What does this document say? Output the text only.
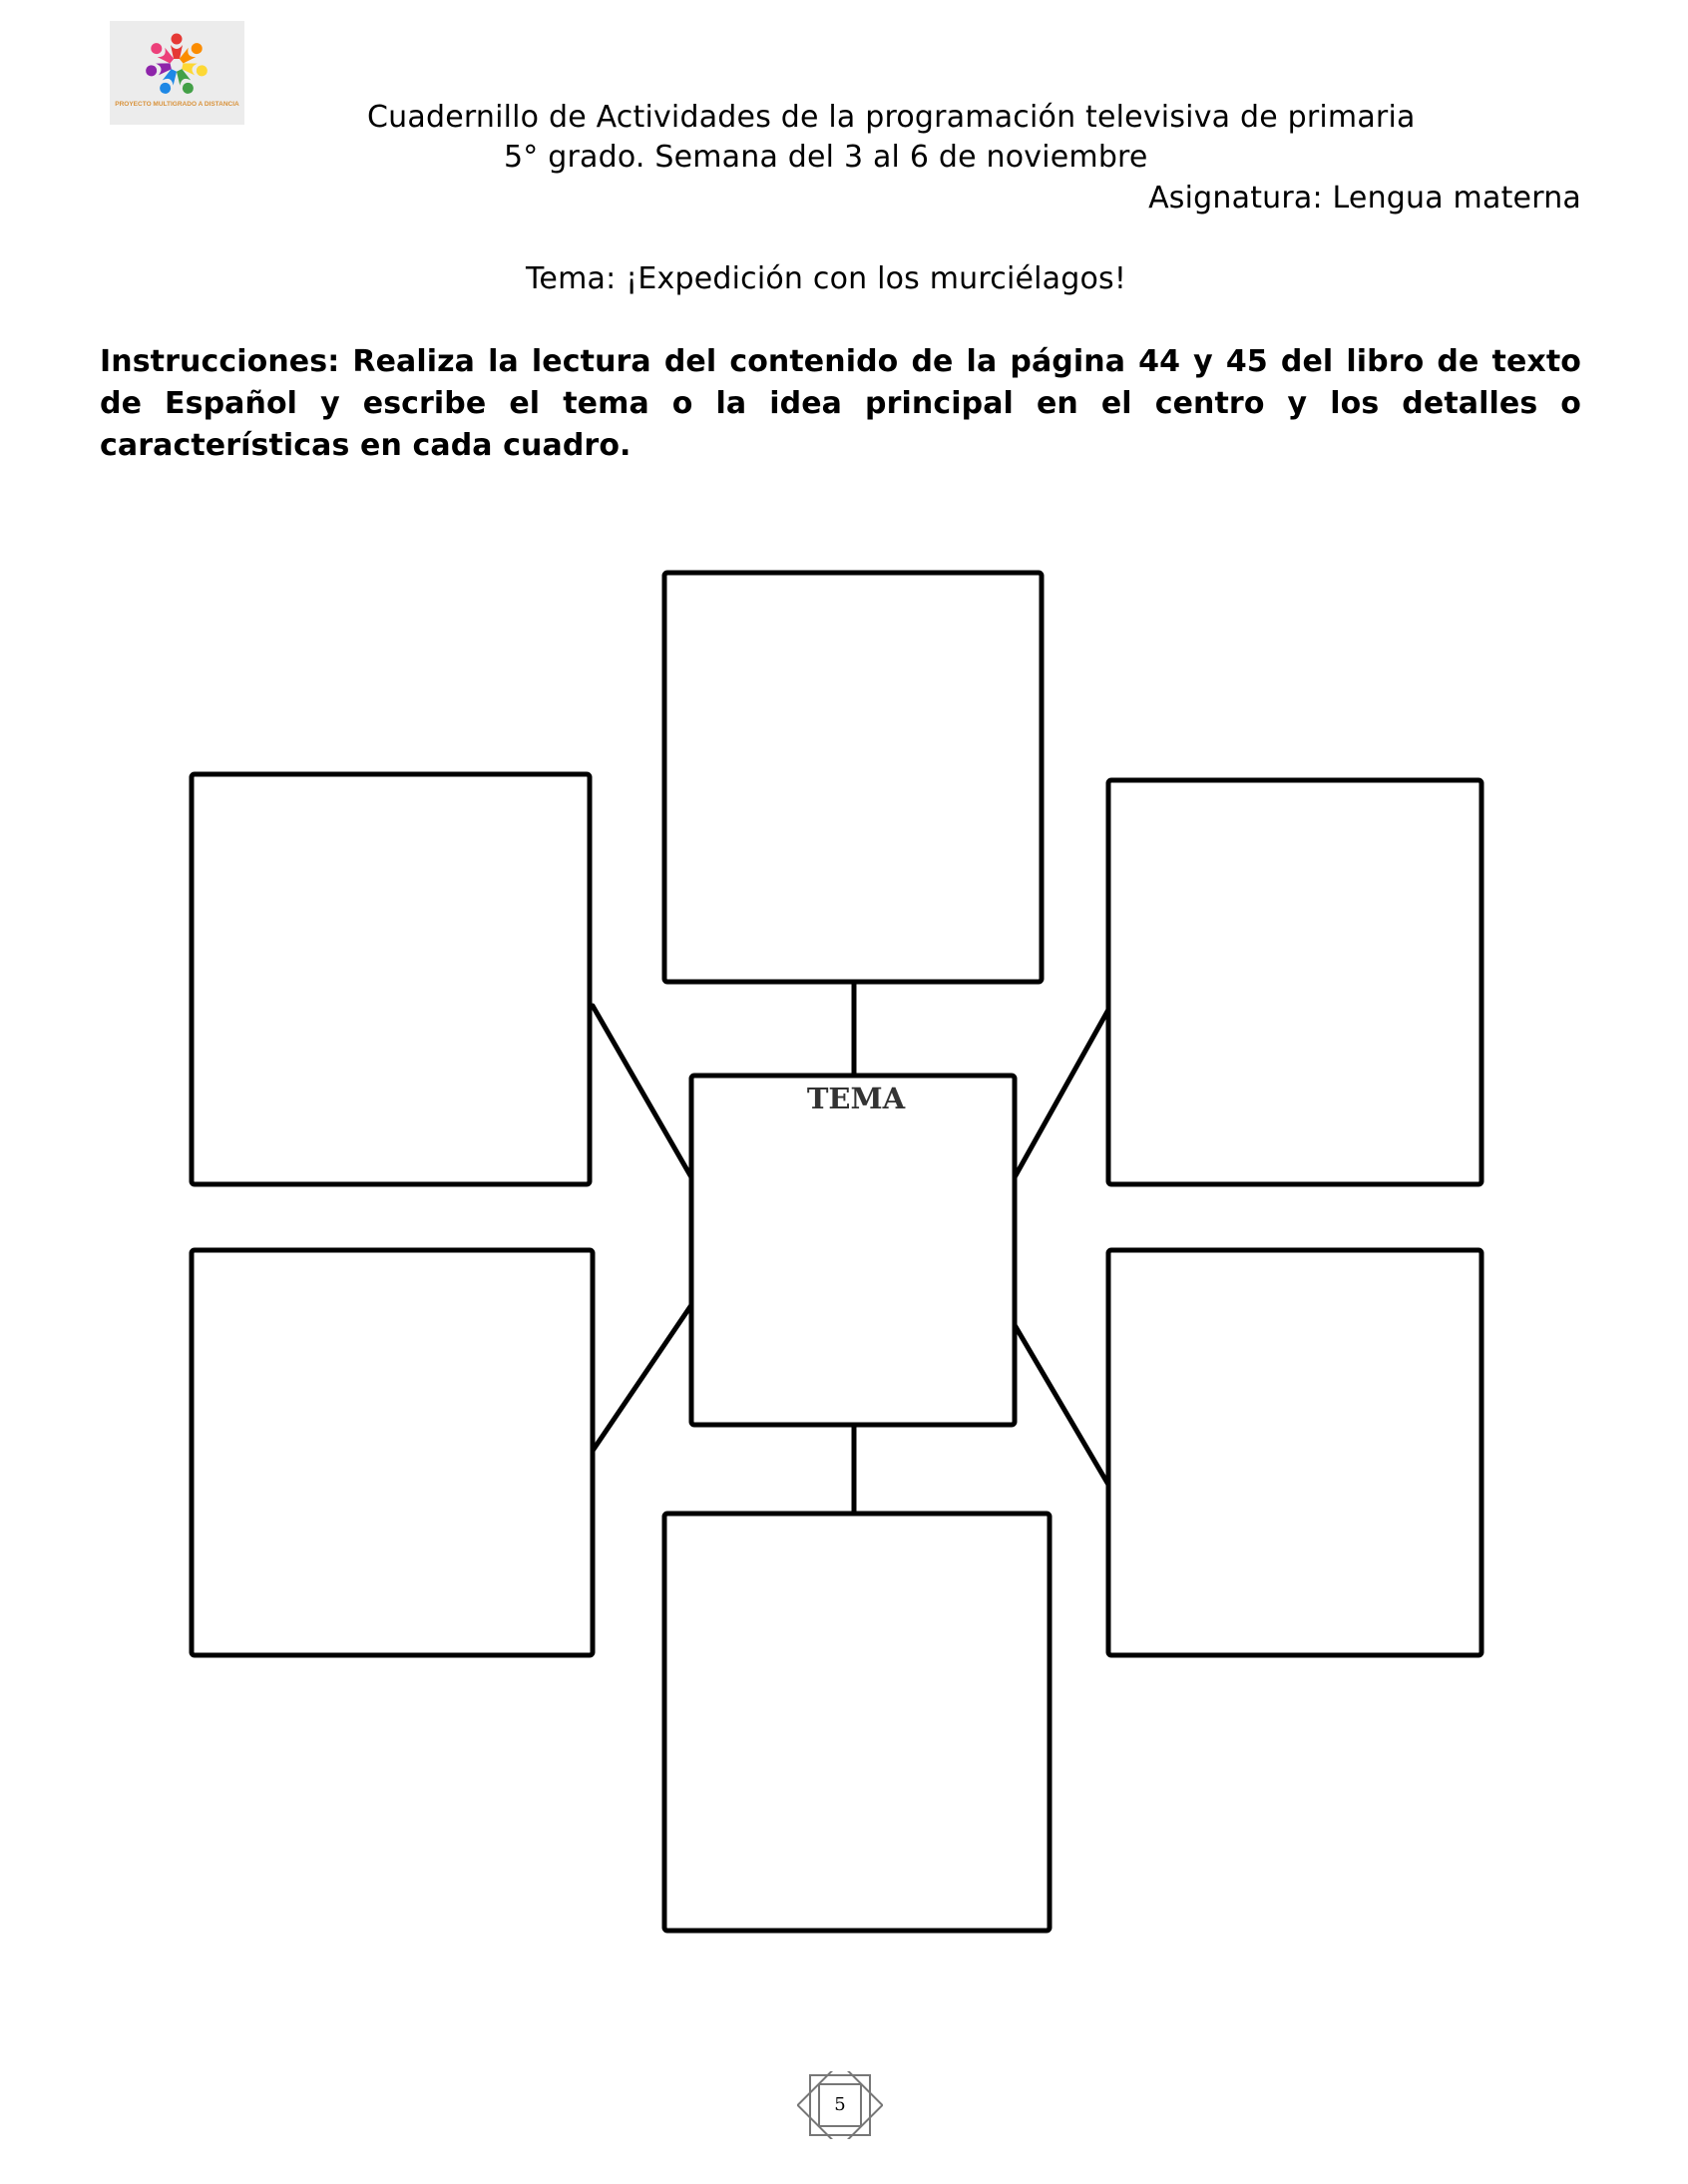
PROYECTO MULTIGRADO A DISTANCIA	Cuadernillo de Actividades de la programación televisiva de primaria
5° grado. Semana del 3 al 6 de noviembre
Asignatura: Lengua materna
Tema: ¡Expedición con los murciélagos!
Instrucciones: Realiza la lectura del contenido de la página 44 y 45 del libro de texto de Español y escribe el tema o la idea principal en el centro y los detalles o características en cada cuadro.
TEMA
5
